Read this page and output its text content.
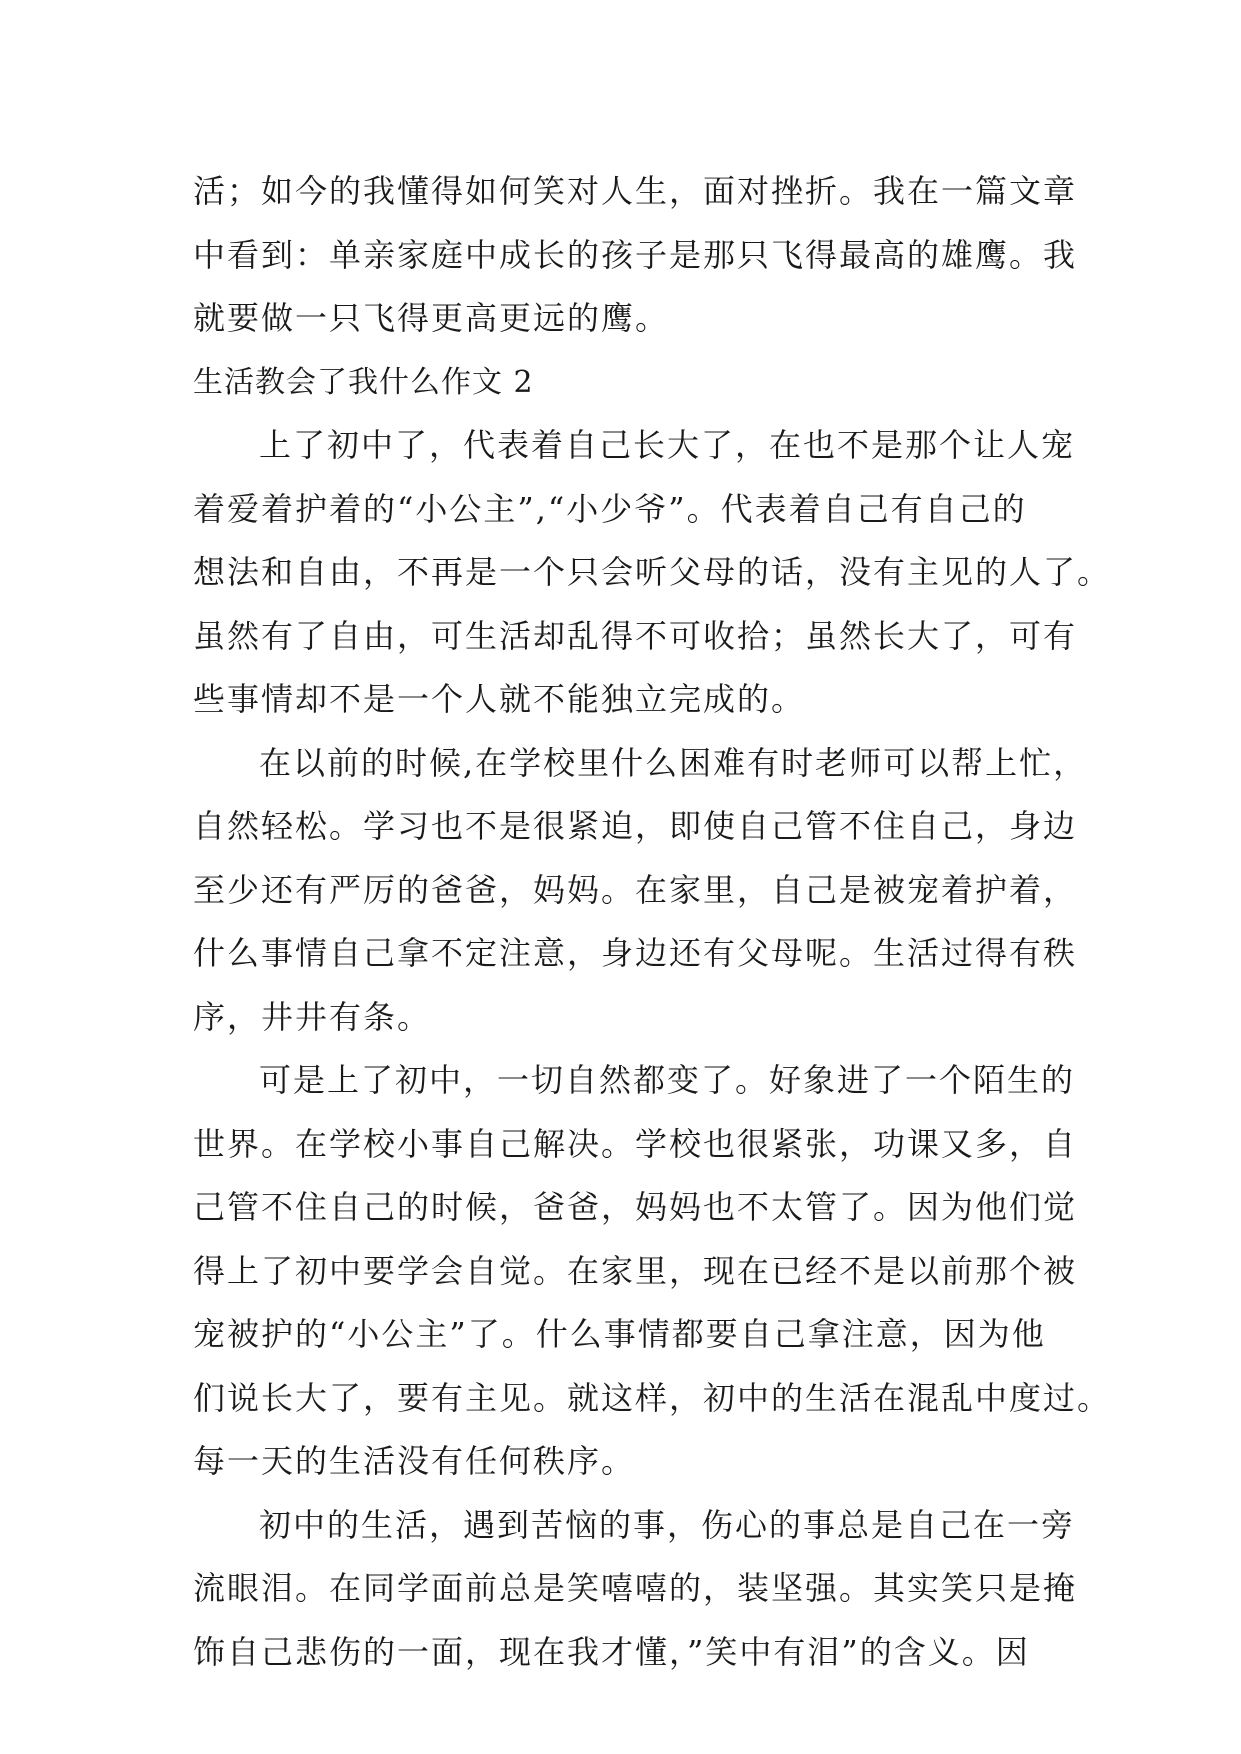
活；如今的我懂得如何笑对人生，面对挫折。我在一篇文章
中看到：单亲家庭中成长的孩子是那只飞得最高的雄鹰。我
就要做一只飞得更高更远的鹰。
生活教会了我什么作文 2
上了初中了，代表着自己长大了，在也不是那个让人宠
着爱着护着的“小公主”,“小少爷”。代表着自己有自己的
想法和自由，不再是一个只会听父母的话，没有主见的人了。
虽然有了自由，可生活却乱得不可收拾；虽然长大了，可有
些事情却不是一个人就不能独立完成的。
在以前的时候,在学校里什么困难有时老师可以帮上忙，
自然轻松。学习也不是很紧迫，即使自己管不住自己，身边
至少还有严厉的爸爸，妈妈。在家里，自己是被宠着护着，
什么事情自己拿不定注意，身边还有父母呢。生活过得有秩
序，井井有条。
可是上了初中，一切自然都变了。好象进了一个陌生的
世界。在学校小事自己解决。学校也很紧张，功课又多，自
己管不住自己的时候，爸爸，妈妈也不太管了。因为他们觉
得上了初中要学会自觉。在家里，现在已经不是以前那个被
宠被护的“小公主”了。什么事情都要自己拿注意，因为他
们说长大了，要有主见。就这样，初中的生活在混乱中度过。
每一天的生活没有任何秩序。
初中的生活，遇到苦恼的事，伤心的事总是自己在一旁
流眼泪。在同学面前总是笑嘻嘻的，装坚强。其实笑只是掩
饰自己悲伤的一面，现在我才懂，”笑中有泪”的含义。因
